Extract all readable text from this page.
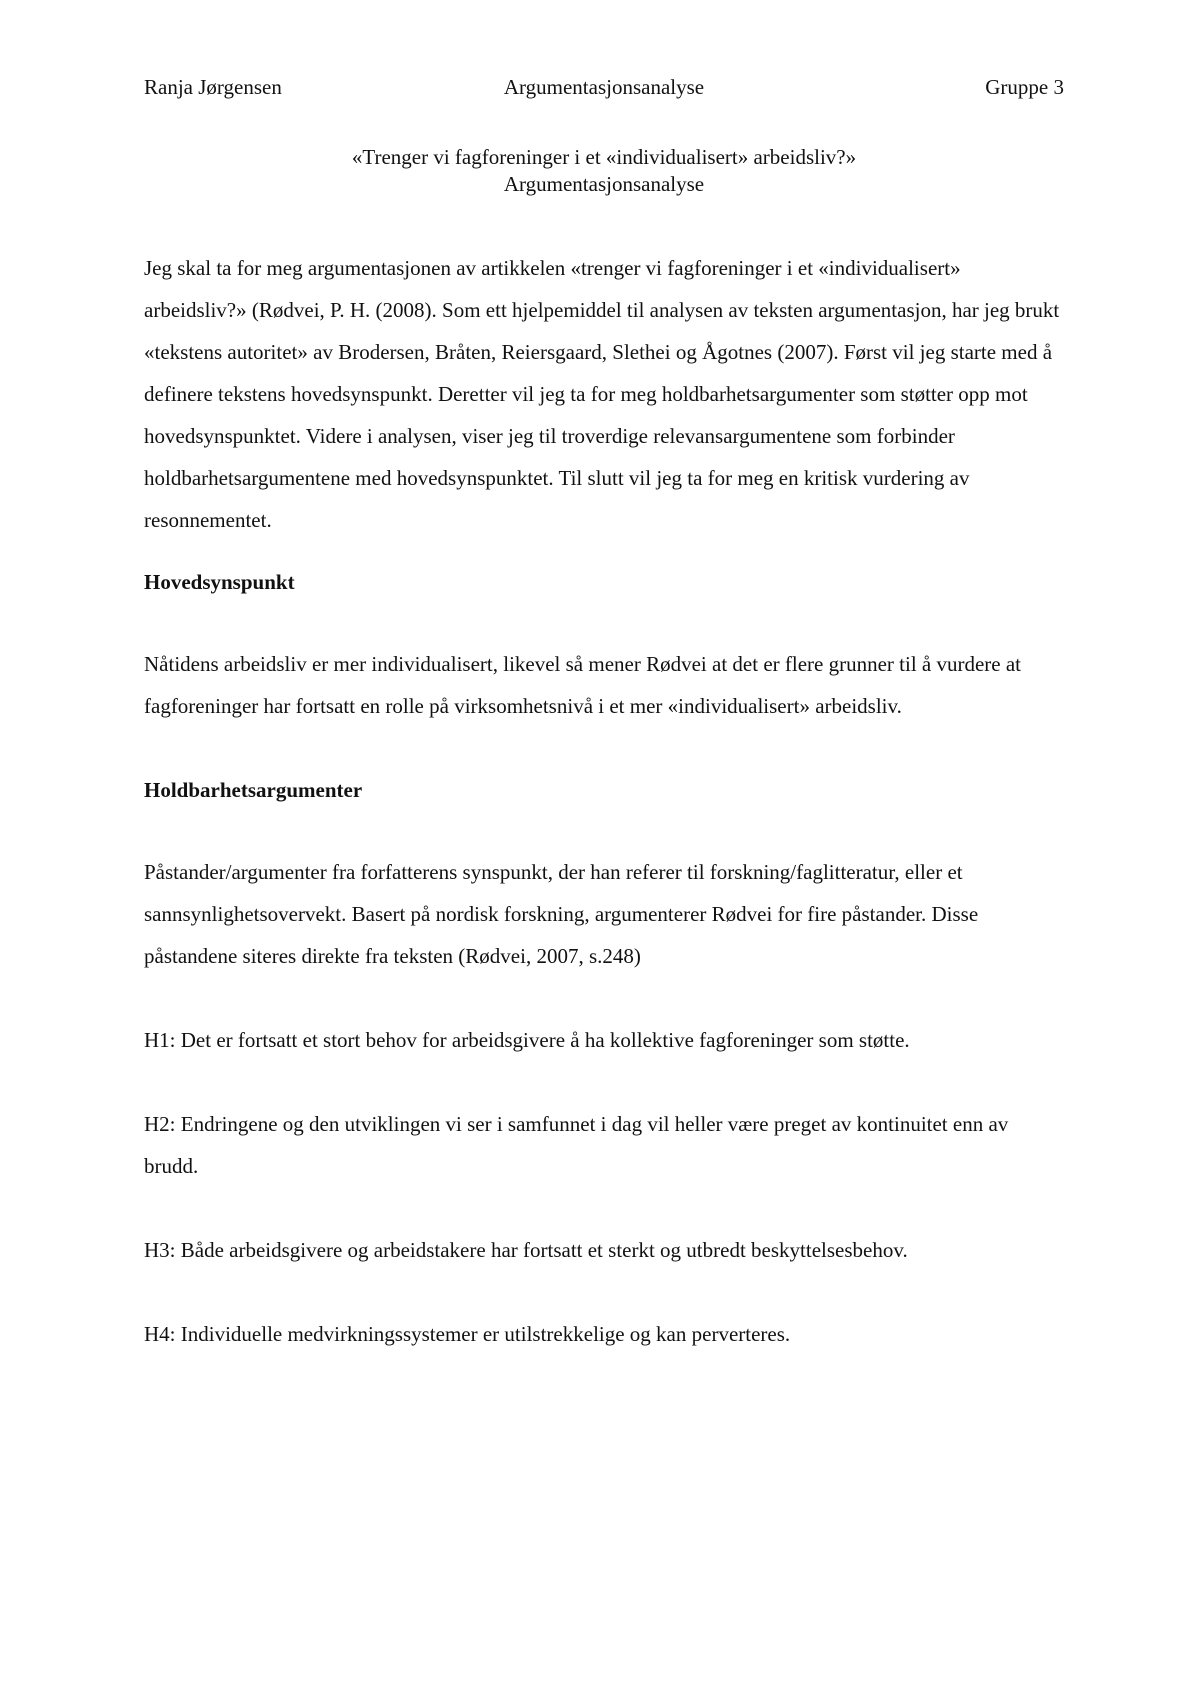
Ranja Jørgensen	Argumentasjonsanalyse	Gruppe 3
«Trenger vi fagforeninger i et «individualisert» arbeidsliv?»
Argumentasjonsanalyse

Jeg skal ta for meg argumentasjonen av artikkelen «trenger vi fagforeninger i et «individualisert» arbeidsliv?» (Rødvei, P. H. (2008). Som ett hjelpemiddel til analysen av teksten argumentasjon, har jeg brukt «tekstens autoritet» av Brodersen, Bråten, Reiersgaard, Slethei og Ågotnes (2007). Først vil jeg starte med å definere tekstens hovedsynspunkt. Deretter vil jeg ta for meg holdbarhetsargumenter som støtter opp mot hovedsynspunktet. Videre i analysen, viser jeg til troverdige relevansargumentene som forbinder holdbarhetsargumentene med hovedsynspunktet. Til slutt vil jeg ta for meg en kritisk vurdering av resonnementet.

Hovedsynspunkt

Nåtidens arbeidsliv er mer individualisert, likevel så mener Rødvei at det er flere grunner til å vurdere at fagforeninger har fortsatt en rolle på virksomhetsnivå i et mer «individualisert» arbeidsliv.

Holdbarhetsargumenter

Påstander/argumenter fra forfatterens synspunkt, der han referer til forskning/faglitteratur, eller et sannsynlighetsovervekt. Basert på nordisk forskning, argumenterer Rødvei for fire påstander. Disse påstandene siteres direkte fra teksten (Rødvei, 2007, s.248)

H1: Det er fortsatt et stort behov for arbeidsgivere å ha kollektive fagforeninger som støtte.

H2: Endringene og den utviklingen vi ser i samfunnet i dag vil heller være preget av kontinuitet enn av brudd.

H3: Både arbeidsgivere og arbeidstakere har fortsatt et sterkt og utbredt beskyttelsesbehov.

H4: Individuelle medvirkningssystemer er utilstrekkelige og kan perverteres.
